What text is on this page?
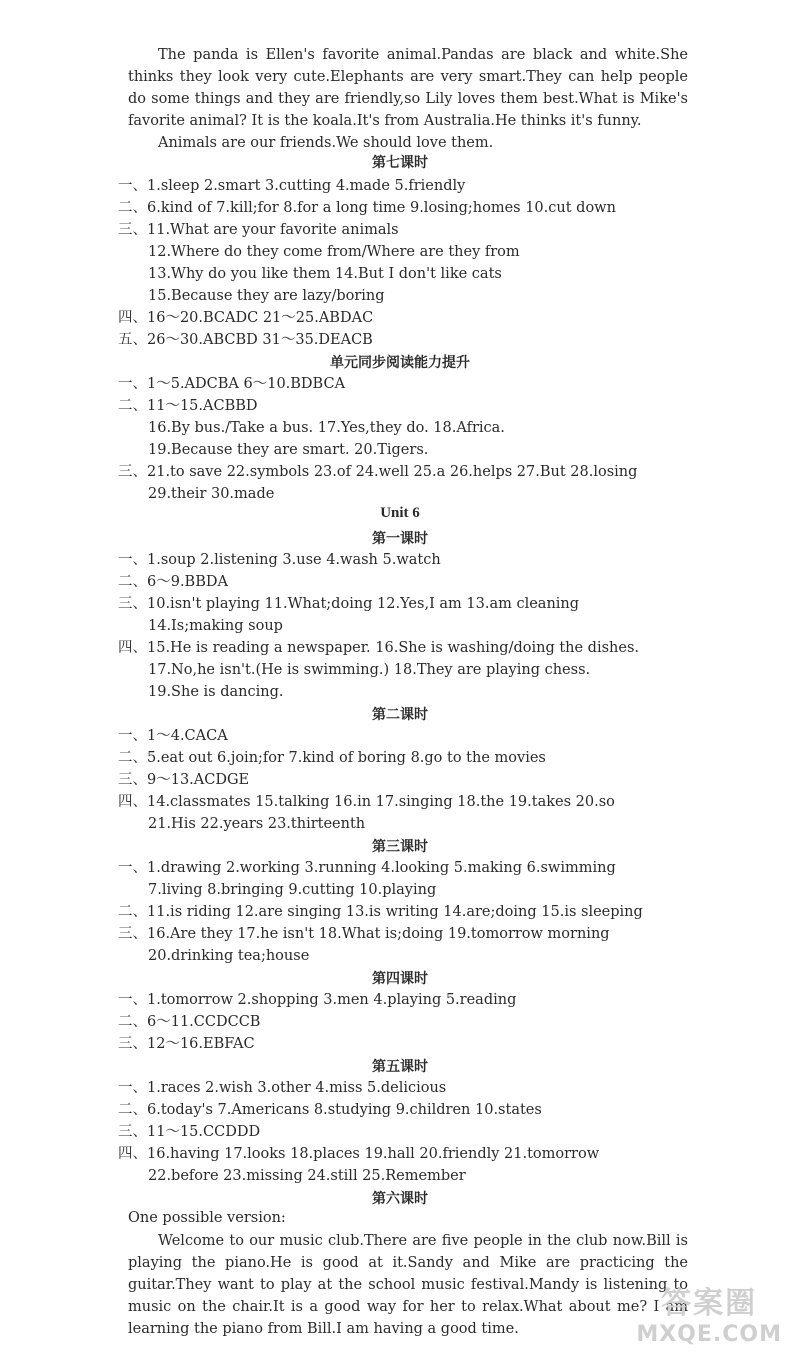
The panda is Ellen's favorite animal.Pandas are black and white.She thinks they look very cute.Elephants are very smart.They can help people do some things and they are friendly,so Lily loves them best.What is Mike's favorite animal? It is the koala.It's from Australia.He thinks it's funny.

Animals are our friends.We should love them.

第七课时
一、1.sleep 2.smart 3.cutting 4.made 5.friendly
二、6.kind of 7.kill;for 8.for a long time 9.losing;homes 10.cut down
三、11.What are your favorite animals
12.Where do they come from/Where are they from
13.Why do you like them 14.But I don't like cats
15.Because they are lazy/boring
四、16～20.BCADC 21～25.ABDAC
五、26～30.ABCBD 31～35.DEACB
单元同步阅读能力提升
一、1～5.ADCBA 6～10.BDBCA
二、11～15.ACBBD
16.By bus./Take a bus. 17.Yes,they do. 18.Africa.
19.Because they are smart. 20.Tigers.
三、21.to save 22.symbols 23.of 24.well 25.a 26.helps 27.But 28.losing
29.their 30.made
Unit 6
第一课时
一、1.soup 2.listening 3.use 4.wash 5.watch
二、6～9.BBDA
三、10.isn't playing 11.What;doing 12.Yes,I am 13.am cleaning
14.Is;making soup
四、15.He is reading a newspaper. 16.She is washing/doing the dishes.
17.No,he isn't.(He is swimming.) 18.They are playing chess.
19.She is dancing.
第二课时
一、1～4.CACA
二、5.eat out 6.join;for 7.kind of boring 8.go to the movies
三、9～13.ACDGE
四、14.classmates 15.talking 16.in 17.singing 18.the 19.takes 20.so
21.His 22.years 23.thirteenth
第三课时
一、1.drawing 2.working 3.running 4.looking 5.making 6.swimming
7.living 8.bringing 9.cutting 10.playing
二、11.is riding 12.are singing 13.is writing 14.are;doing 15.is sleeping
三、16.Are they 17.he isn't 18.What is;doing 19.tomorrow morning
20.drinking tea;house
第四课时
一、1.tomorrow 2.shopping 3.men 4.playing 5.reading
二、6～11.CCDCCB
三、12～16.EBFAC
第五课时
一、1.races 2.wish 3.other 4.miss 5.delicious
二、6.today's 7.Americans 8.studying 9.children 10.states
三、11～15.CCDDD
四、16.having 17.looks 18.places 19.hall 20.friendly 21.tomorrow
22.before 23.missing 24.still 25.Remember
第六课时
One possible version:

Welcome to our music club.There are five people in the club now.Bill is playing the piano.He is good at it.Sandy and Mike are practicing the guitar.They want to play at the school music festival.Mandy is listening to music on the chair.It is a good way for her to relax.What about me? I am learning the piano from Bill.I am having a good time.

答案圈
MXQE.COM
